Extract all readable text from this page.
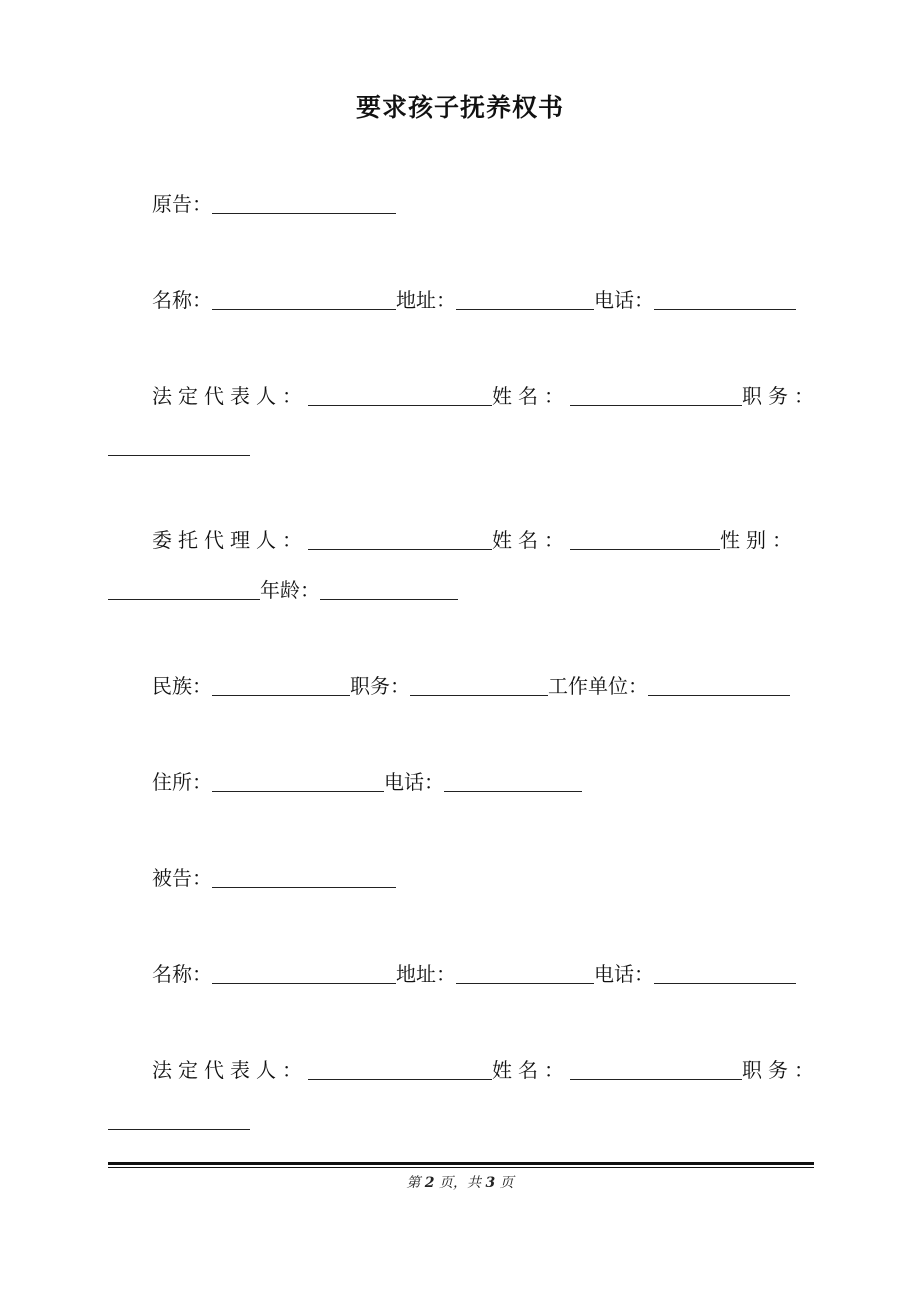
要求孩子抚养权书
原告：
名称：	地址：	电话：
法定代表人：	姓名：	职务：
委托代理人：	姓名：	性别：
年龄：
民族：	职务：	工作单位：
住所：	电话：
被告：
名称：	地址：	电话：
法定代表人：	姓名：	职务：
第 2 页，共 3 页
